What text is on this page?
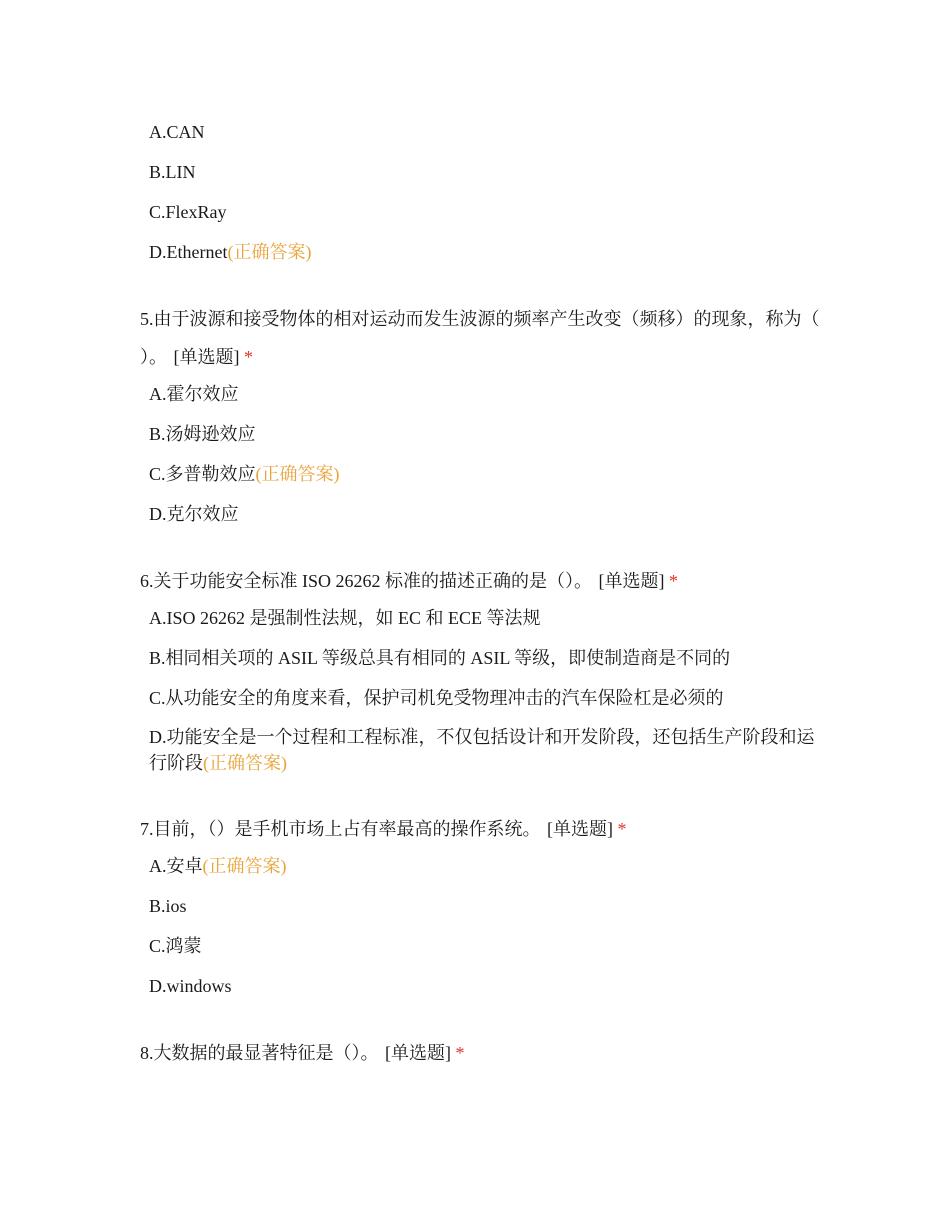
A.CAN
B.LIN
C.FlexRay
D.Ethernet(正确答案)
5.由于波源和接受物体的相对运动而发生波源的频率产生改变（频移）的现象，称为（ ）。 [单选题] *
A.霍尔效应
B.汤姆逊效应
C.多普勒效应(正确答案)
D.克尔效应
6.关于功能安全标准 ISO 26262 标准的描述正确的是（）。 [单选题] *
A.ISO 26262 是强制性法规，如 EC 和 ECE 等法规
B.相同相关项的 ASIL 等级总具有相同的 ASIL 等级，即使制造商是不同的
C.从功能安全的角度来看，保护司机免受物理冲击的汽车保险杠是必须的
D.功能安全是一个过程和工程标准，不仅包括设计和开发阶段，还包括生产阶段和运行阶段(正确答案)
7.目前，（）是手机市场上占有率最高的操作系统。 [单选题] *
A.安卓(正确答案)
B.ios
C.鸿蒙
D.windows
8.大数据的最显著特征是（）。 [单选题] *
